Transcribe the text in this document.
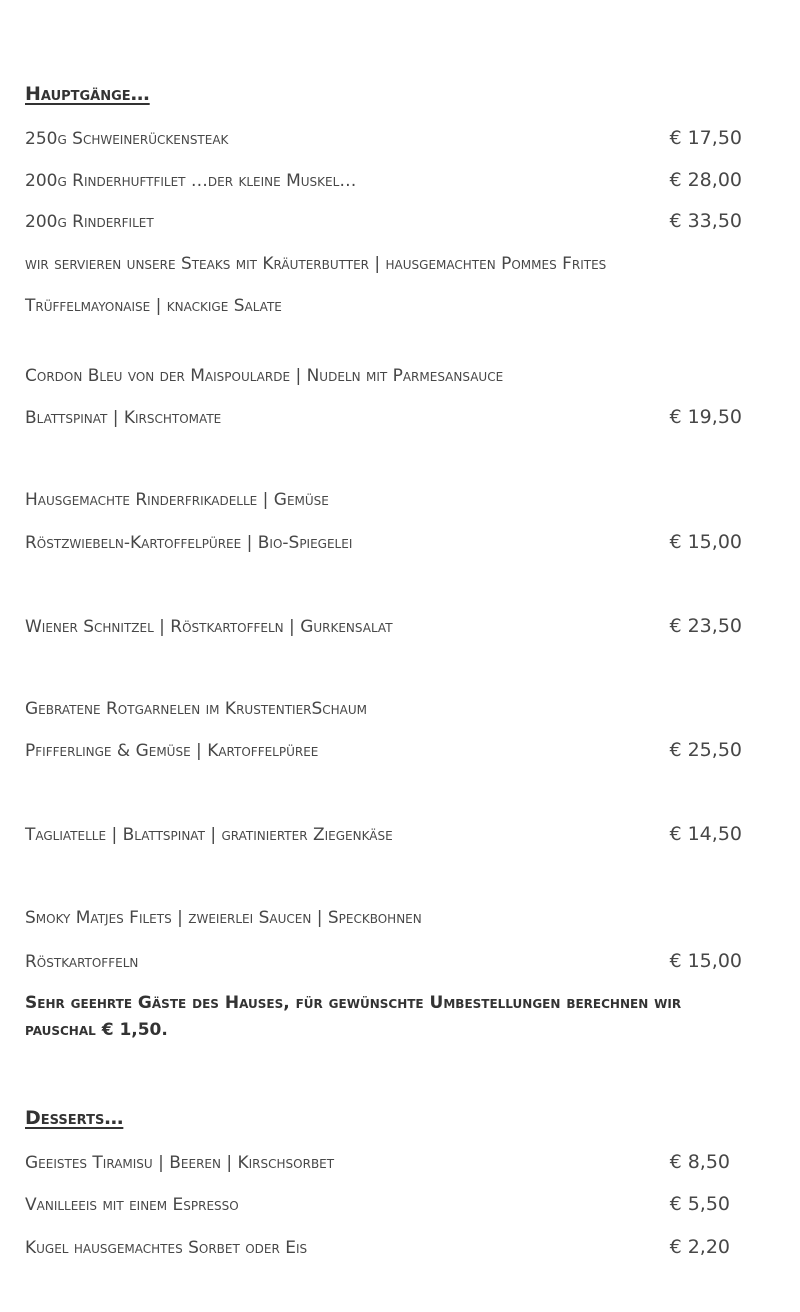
Hauptgänge…
250g Schweinerückensteak	€ 17,50
200g Rinderhuftfilet …der kleine Muskel…	€ 28,00
200g Rinderfilet	€ 33,50
wir servieren unsere Steaks mit Kräuterbutter | hausgemachten Pommes Frites
Trüffelmayonaise | knackige Salate
Cordon Bleu von der Maispoularde | Nudeln mit Parmesansauce
Blattspinat | Kirschtomate	€ 19,50
Hausgemachte Rinderfrikadelle | Gemüse
Röstzwiebeln-Kartoffelpüree | Bio-Spiegelei	€ 15,00
Wiener Schnitzel | Röstkartoffeln | Gurkensalat	€ 23,50
Gebratene Rotgarnelen im KrustentierSchaum
Pfifferlinge & Gemüse | Kartoffelpüree	€ 25,50
Tagliatelle | Blattspinat | gratinierter Ziegenkäse	€ 14,50
Smoky Matjes Filets | zweierlei Saucen | Speckbohnen
Röstkartoffeln	€ 15,00
Sehr geehrte Gäste des Hauses, für gewünschte Umbestellungen berechnen wir pauschal € 1,50.
Desserts…
Geeistes Tiramisu | Beeren | Kirschsorbet	€ 8,50
Vanilleeis mit einem Espresso	€ 5,50
Kugel hausgemachtes Sorbet oder Eis	€ 2,20
